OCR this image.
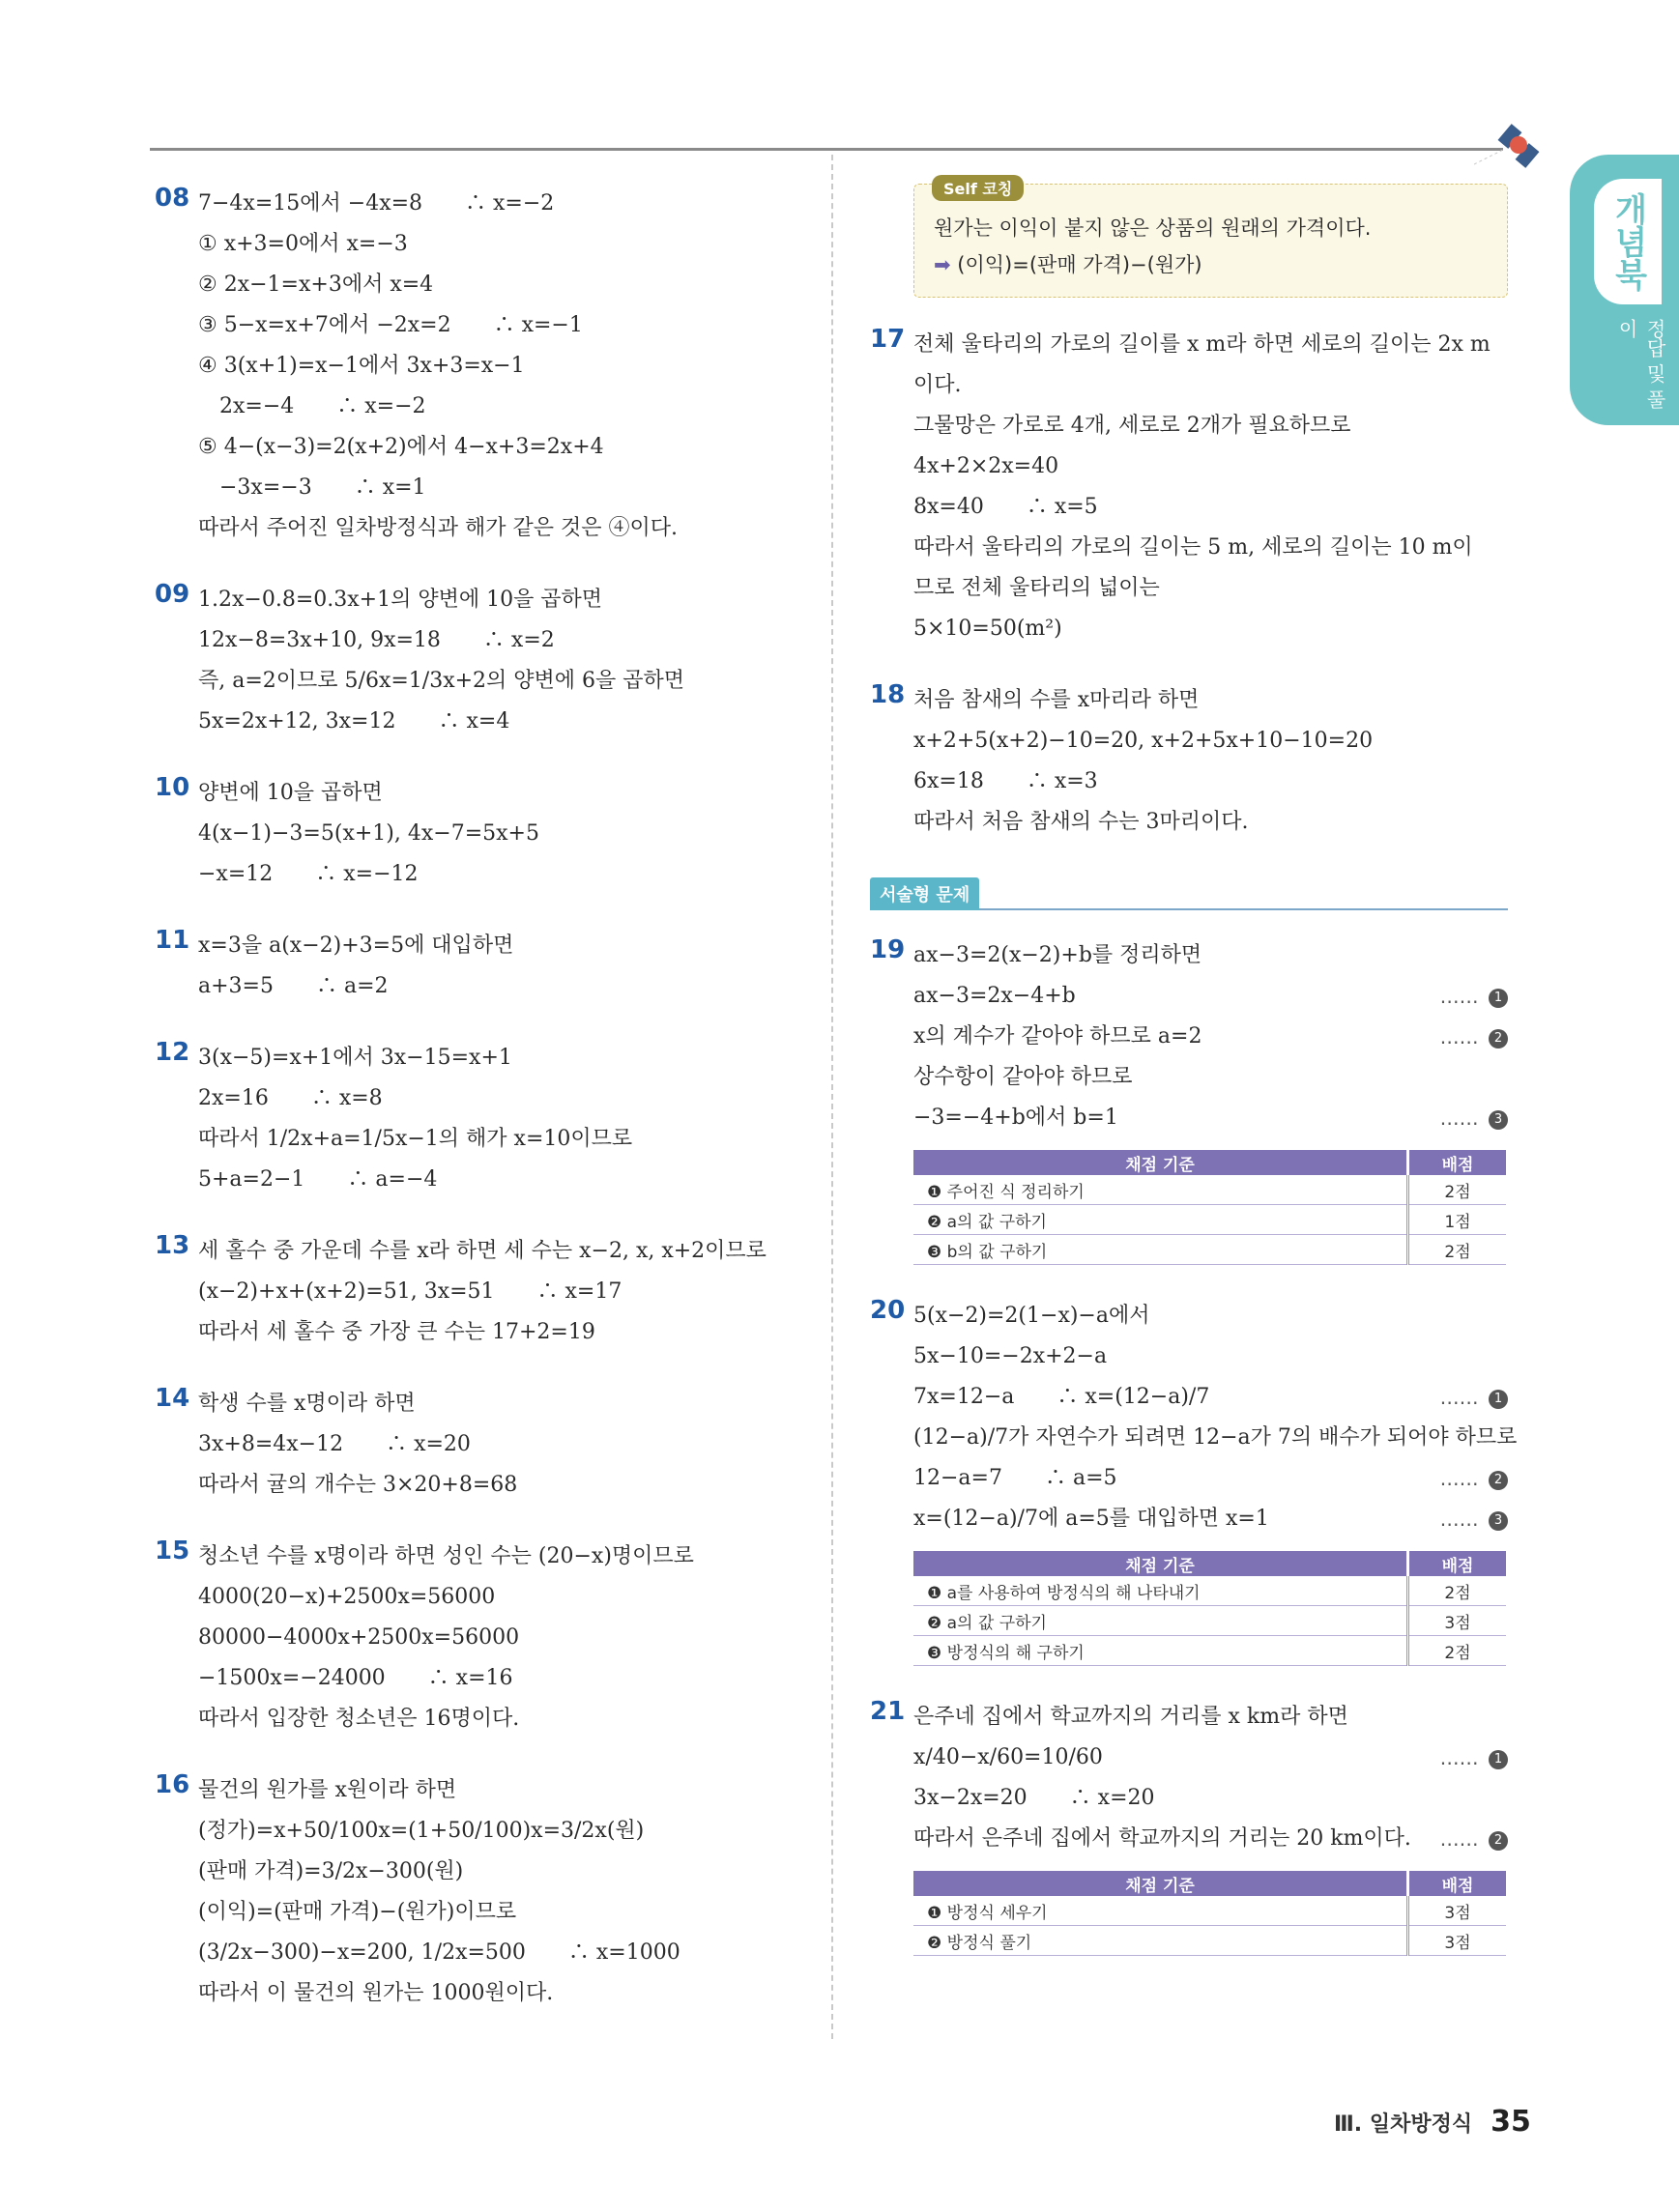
개념북
정답 및 풀이
08 7−4x=15에서 −4x=8　　∴ x=−2
① x+3=0에서 x=−3
② 2x−1=x+3에서 x=4
③ 5−x=x+7에서 −2x=2　　∴ x=−1
④ 3(x+1)=x−1에서 3x+3=x−1
　2x=−4　　∴ x=−2
⑤ 4−(x−3)=2(x+2)에서 4−x+3=2x+4
　−3x=−3　　∴ x=1
따라서 주어진 일차방정식과 해가 같은 것은 ④이다.
09 1.2x−0.8=0.3x+1의 양변에 10을 곱하면
12x−8=3x+10, 9x=18　　∴ x=2
즉, a=2이므로 5/6x=1/3x+2의 양변에 6을 곱하면
5x=2x+12, 3x=12　　∴ x=4
10 양변에 10을 곱하면
4(x−1)−3=5(x+1), 4x−7=5x+5
−x=12　　∴ x=−12
11 x=3을 a(x−2)+3=5에 대입하면
a+3=5　　∴ a=2
12 3(x−5)=x+1에서 3x−15=x+1
2x=16　　∴ x=8
따라서 1/2x+a=1/5x−1의 해가 x=10이므로
5+a=2−1　　∴ a=−4
13 세 홀수 중 가운데 수를 x라 하면 세 수는 x−2, x, x+2이므로
(x−2)+x+(x+2)=51, 3x=51　　∴ x=17
따라서 세 홀수 중 가장 큰 수는 17+2=19
14 학생 수를 x명이라 하면
3x+8=4x−12　　∴ x=20
따라서 귤의 개수는 3×20+8=68
15 청소년 수를 x명이라 하면 성인 수는 (20−x)명이므로
4000(20−x)+2500x=56000
80000−4000x+2500x=56000
−1500x=−24000　　∴ x=16
따라서 입장한 청소년은 16명이다.
16 물건의 원가를 x원이라 하면
(정가)=x+50/100x=(1+50/100)x=3/2x(원)
(판매 가격)=3/2x−300(원)
(이익)=(판매 가격)−(원가)이므로
(3/2x−300)−x=200, 1/2x=500　　∴ x=1000
따라서 이 물건의 원가는 1000원이다.
Self 코칭
원가는 이익이 붙지 않은 상품의 원래의 가격이다.
➡ (이익)=(판매 가격)−(원가)
17 전체 울타리의 가로의 길이를 x m라 하면 세로의 길이는 2x m
이다.
그물망은 가로로 4개, 세로로 2개가 필요하므로
4x+2×2x=40
8x=40　　∴ x=5
따라서 울타리의 가로의 길이는 5 m, 세로의 길이는 10 m이
므로 전체 울타리의 넓이는
5×10=50(m²)
18 처음 참새의 수를 x마리라 하면
x+2+5(x+2)−10=20, x+2+5x+10−10=20
6x=18　　∴ x=3
따라서 처음 참새의 수는 3마리이다.
서술형 문제
19 ax−3=2(x−2)+b를 정리하면
ax−3=2x−4+b	…… 1
x의 계수가 같아야 하므로 a=2	…… 2
상수항이 같아야 하므로
−3=−4+b에서 b=1	…… 3
채점 기준	배점
❶ 주어진 식 정리하기	2점
❷ a의 값 구하기	1점
❸ b의 값 구하기	2점
20 5(x−2)=2(1−x)−a에서
5x−10=−2x+2−a
7x=12−a　　∴ x=(12−a)/7	…… 1
(12−a)/7가 자연수가 되려면 12−a가 7의 배수가 되어야 하므로
12−a=7　　∴ a=5	…… 2
x=(12−a)/7에 a=5를 대입하면 x=1	…… 3
채점 기준	배점
❶ a를 사용하여 방정식의 해 나타내기	2점
❷ a의 값 구하기	3점
❸ 방정식의 해 구하기	2점
21 은주네 집에서 학교까지의 거리를 x km라 하면
x/40−x/60=10/60	…… 1
3x−2x=20　　∴ x=20
따라서 은주네 집에서 학교까지의 거리는 20 km이다. …… 2
채점 기준	배점
❶ 방정식 세우기	3점
❷ 방정식 풀기	3점
Ⅲ. 일차방정식 35
